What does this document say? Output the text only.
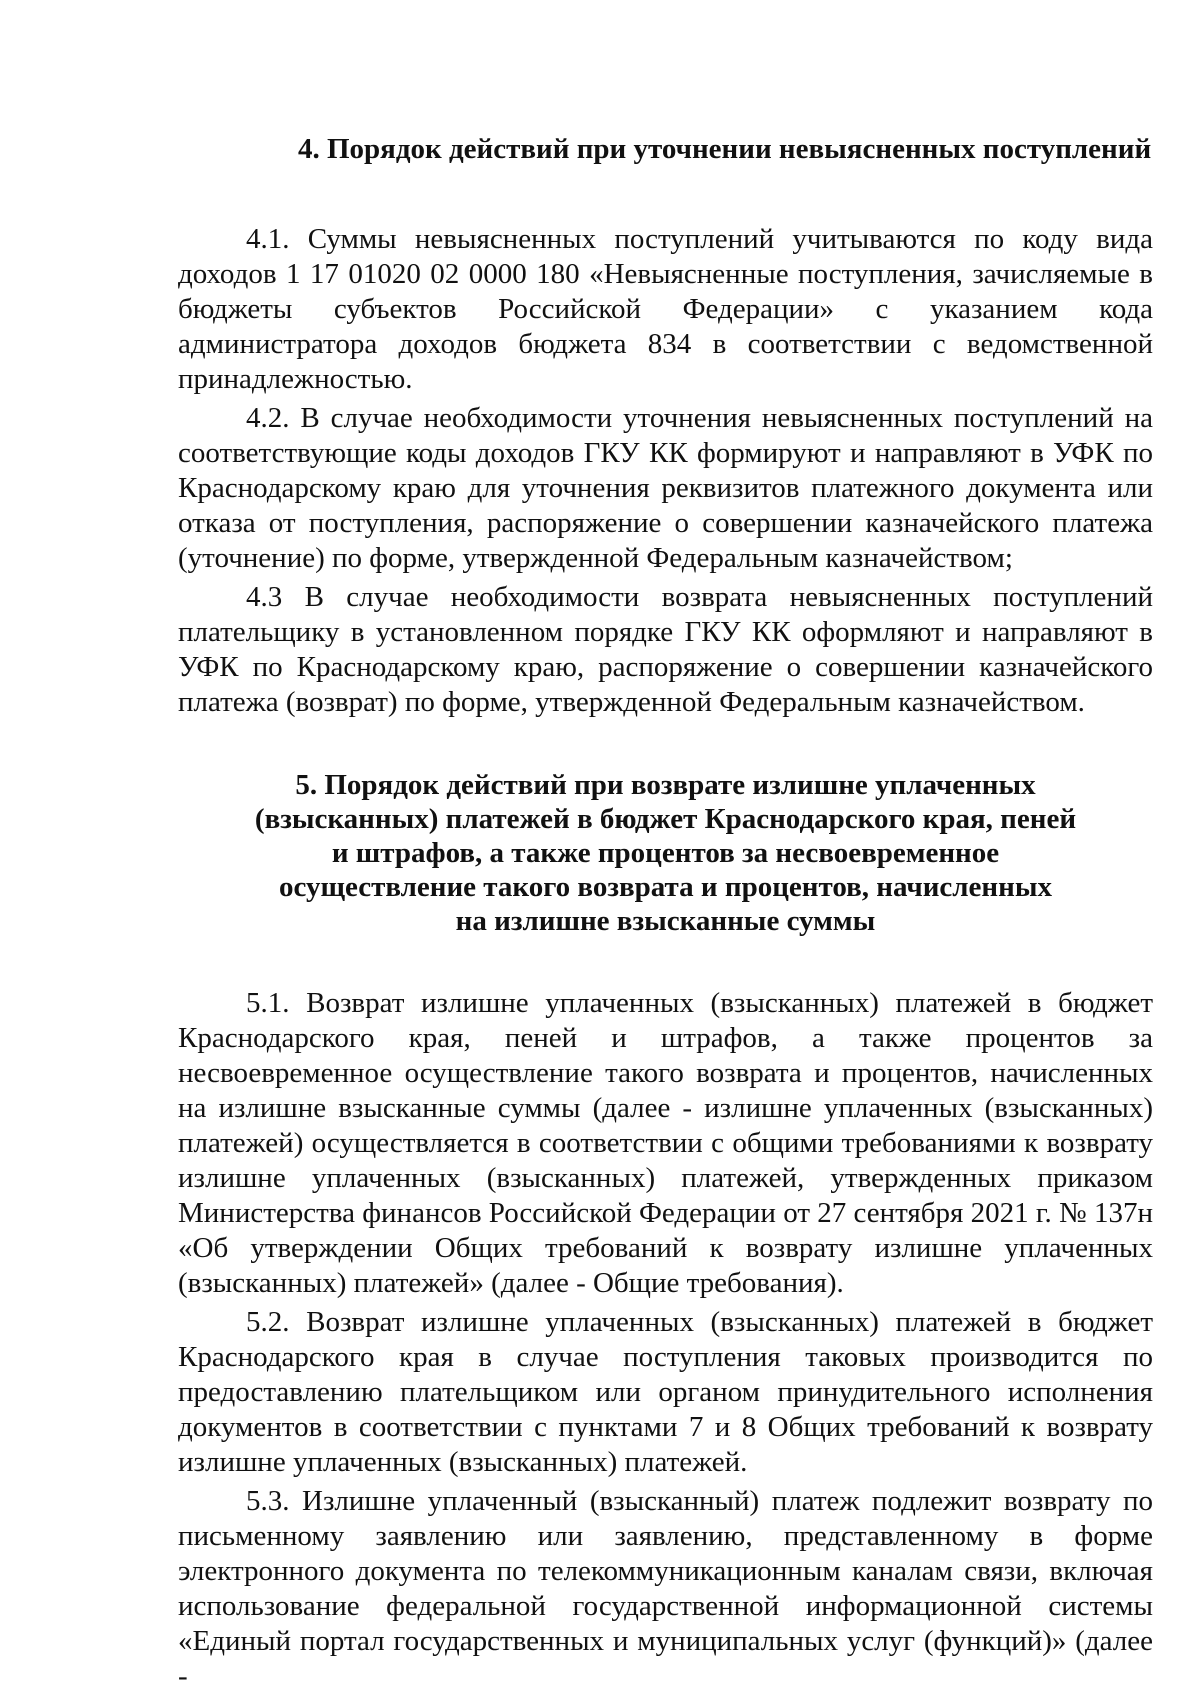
4. Порядок действий при уточнении невыясненных поступлений

4.1. Суммы невыясненных поступлений учитываются по коду вида доходов 1 17 01020 02 0000 180 «Невыясненные поступления, зачисляемые в бюджеты субъектов Российской Федерации» с указанием кода администратора доходов бюджета 834 в соответствии с ведомственной принадлежностью.

4.2. В случае необходимости уточнения невыясненных поступлений на соответствующие коды доходов ГКУ КК формируют и направляют в УФК по Краснодарскому краю для уточнения реквизитов платежного документа или отказа от поступления, распоряжение о совершении казначейского платежа (уточнение) по форме, утвержденной Федеральным казначейством;

4.3 В случае необходимости возврата невыясненных поступлений плательщику в установленном порядке ГКУ КК оформляют и направляют в УФК по Краснодарскому краю, распоряжение о совершении казначейского платежа (возврат) по форме, утвержденной Федеральным казначейством.

5. Порядок действий при возврате излишне уплаченных
(взысканных) платежей в бюджет Краснодарского края, пеней
и штрафов, а также процентов за несвоевременное
осуществление такого возврата и процентов, начисленных
на излишне взысканные суммы

5.1. Возврат излишне уплаченных (взысканных) платежей в бюджет Краснодарского края, пеней и штрафов, а также процентов за несвоевременное осуществление такого возврата и процентов, начисленных на излишне взысканные суммы (далее - излишне уплаченных (взысканных) платежей) осуществляется в соответствии с общими требованиями к возврату излишне уплаченных (взысканных) платежей, утвержденных приказом Министерства финансов Российской Федерации от 27 сентября 2021 г. № 137н «Об утверждении Общих требований к возврату излишне уплаченных (взысканных) платежей» (далее - Общие требования).

5.2. Возврат излишне уплаченных (взысканных) платежей в бюджет Краснодарского края в случае поступления таковых производится по предоставлению плательщиком или органом принудительного исполнения документов в соответствии с пунктами 7 и 8 Общих требований к возврату излишне уплаченных (взысканных) платежей.

5.3. Излишне уплаченный (взысканный) платеж подлежит возврату по письменному заявлению или заявлению, представленному в форме электронного документа по телекоммуникационным каналам связи, включая использование федеральной государственной информационной системы «Единый портал государственных и муниципальных услуг (функций)» (далее -
